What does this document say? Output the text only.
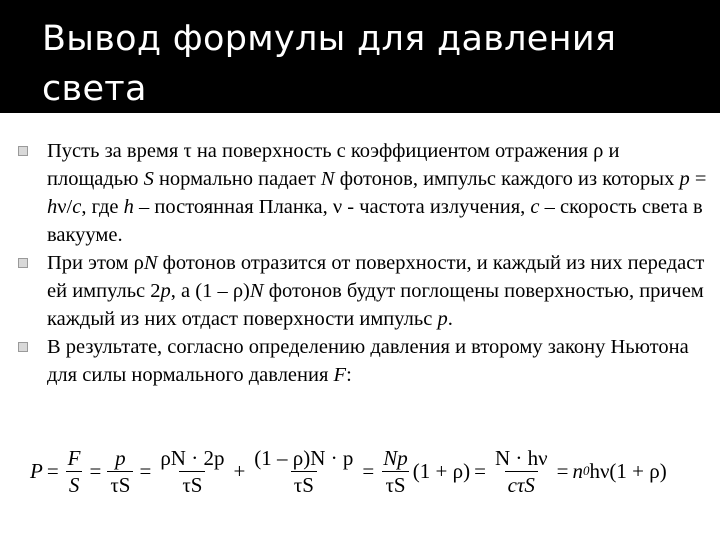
Вывод формулы для давления света
Пусть за время τ на поверхность с коэффициентом отражения ρ и площадью S нормально падает N фотонов, импульс каждого из которых p = hν/c, где h – постоянная Планка, ν - частота излучения, c – скорость света в вакууме.
При этом ρN фотонов отразится от поверхности, и каждый из них передаст ей импульс 2p, а (1 – ρ)N фотонов будут поглощены поверхностью, причем каждый из них отдаст поверхности импульс p.
В результате, согласно определению давления и второму закону Ньютона для силы нормального давления F:
$P = \frac{F}{S} = \frac{p}{\tau S} = \frac{\rho N \cdot 2p}{\tau S} + \frac{(1 - \rho)N \cdot p}{\tau S} = \frac{Np}{\tau S} (1 + \rho) = \frac{N \cdot h\nu}{\text{cτS}} = n$ 0 hν(1 + ρ)
